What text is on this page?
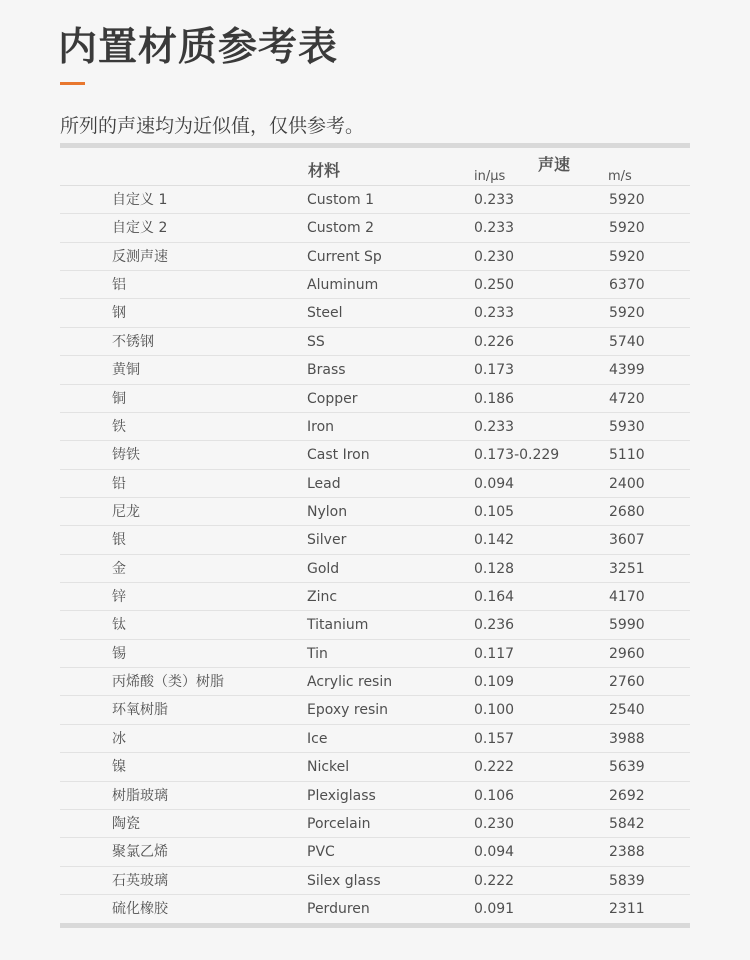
内置材质参考表
所列的声速均为近似值，仅供参考。
材料	声速
in/µs	m/s
自定义 1	Custom 1	0.233	5920
自定义 2	Custom 2	0.233	5920
反测声速	Current Sp	0.230	5920
铝	Aluminum	0.250	6370
钢	Steel	0.233	5920
不锈钢	SS	0.226	5740
黄铜	Brass	0.173	4399
铜	Copper	0.186	4720
铁	Iron	0.233	5930
铸铁	Cast Iron	0.173-0.229	5110
铅	Lead	0.094	2400
尼龙	Nylon	0.105	2680
银	Silver	0.142	3607
金	Gold	0.128	3251
锌	Zinc	0.164	4170
钛	Titanium	0.236	5990
锡	Tin	0.117	2960
丙烯酸（类）树脂	Acrylic resin	0.109	2760
环氧树脂	Epoxy resin	0.100	2540
冰	Ice	0.157	3988
镍	Nickel	0.222	5639
树脂玻璃	Plexiglass	0.106	2692
陶瓷	Porcelain	0.230	5842
聚氯乙烯	PVC	0.094	2388
石英玻璃	Silex glass	0.222	5839
硫化橡胶	Perduren	0.091	2311
